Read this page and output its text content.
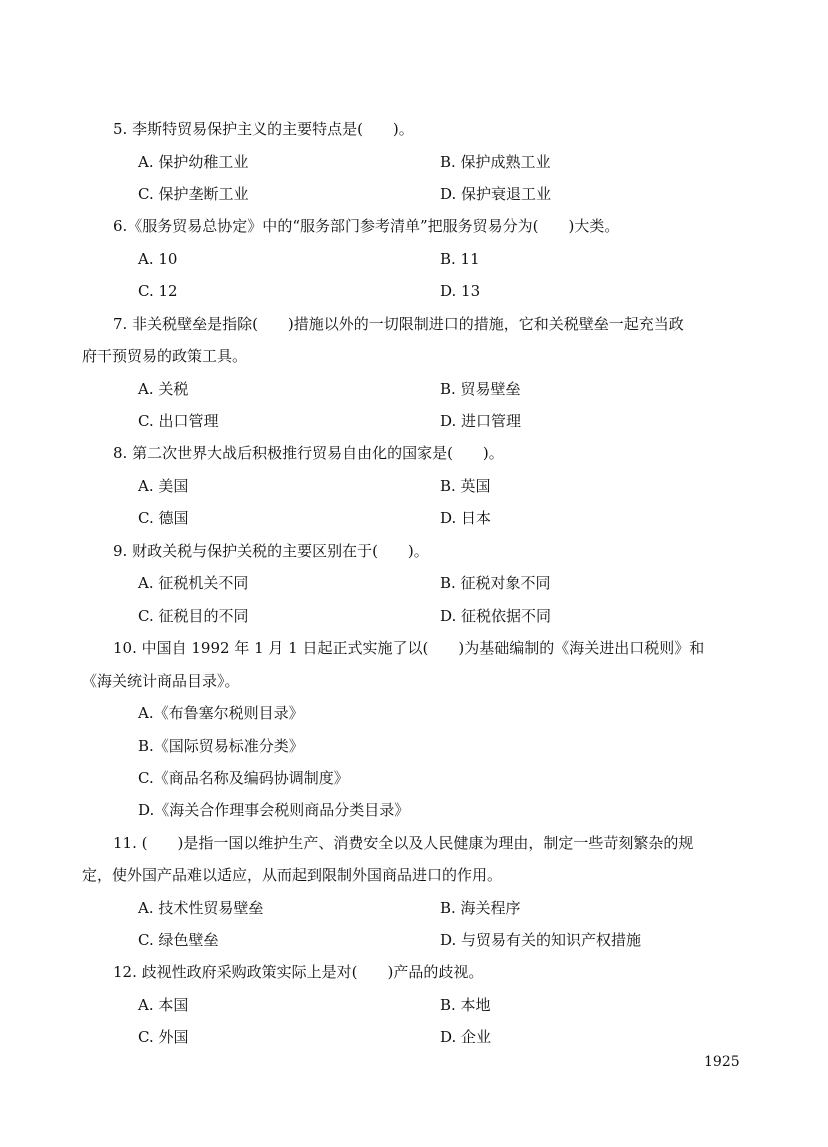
5. 李斯特贸易保护主义的主要特点是(　　)。
A. 保护幼稚工业	B. 保护成熟工业
C. 保护垄断工业	D. 保护衰退工业
6.《服务贸易总协定》中的“服务部门参考清单”把服务贸易分为(　　)大类。
A. 10	B. 11
C. 12	D. 13
7. 非关税壁垒是指除(　　)措施以外的一切限制进口的措施，它和关税壁垒一起充当政
府干预贸易的政策工具。
A. 关税	B. 贸易壁垒
C. 出口管理	D. 进口管理
8. 第二次世界大战后积极推行贸易自由化的国家是(　　)。
A. 美国	B. 英国
C. 德国	D. 日本
9. 财政关税与保护关税的主要区别在于(　　)。
A. 征税机关不同	B. 征税对象不同
C. 征税目的不同	D. 征税依据不同
10. 中国自 1992 年 1 月 1 日起正式实施了以(　　)为基础编制的《海关进出口税则》和
《海关统计商品目录》。
A.《布鲁塞尔税则目录》
B.《国际贸易标准分类》
C.《商品名称及编码协调制度》
D.《海关合作理事会税则商品分类目录》
11. (　　)是指一国以维护生产、消费安全以及人民健康为理由，制定一些苛刻繁杂的规
定，使外国产品难以适应，从而起到限制外国商品进口的作用。
A. 技术性贸易壁垒	B. 海关程序
C. 绿色壁垒	D. 与贸易有关的知识产权措施
12. 歧视性政府采购政策实际上是对(　　)产品的歧视。
A. 本国	B. 本地
C. 外国	D. 企业
1925
